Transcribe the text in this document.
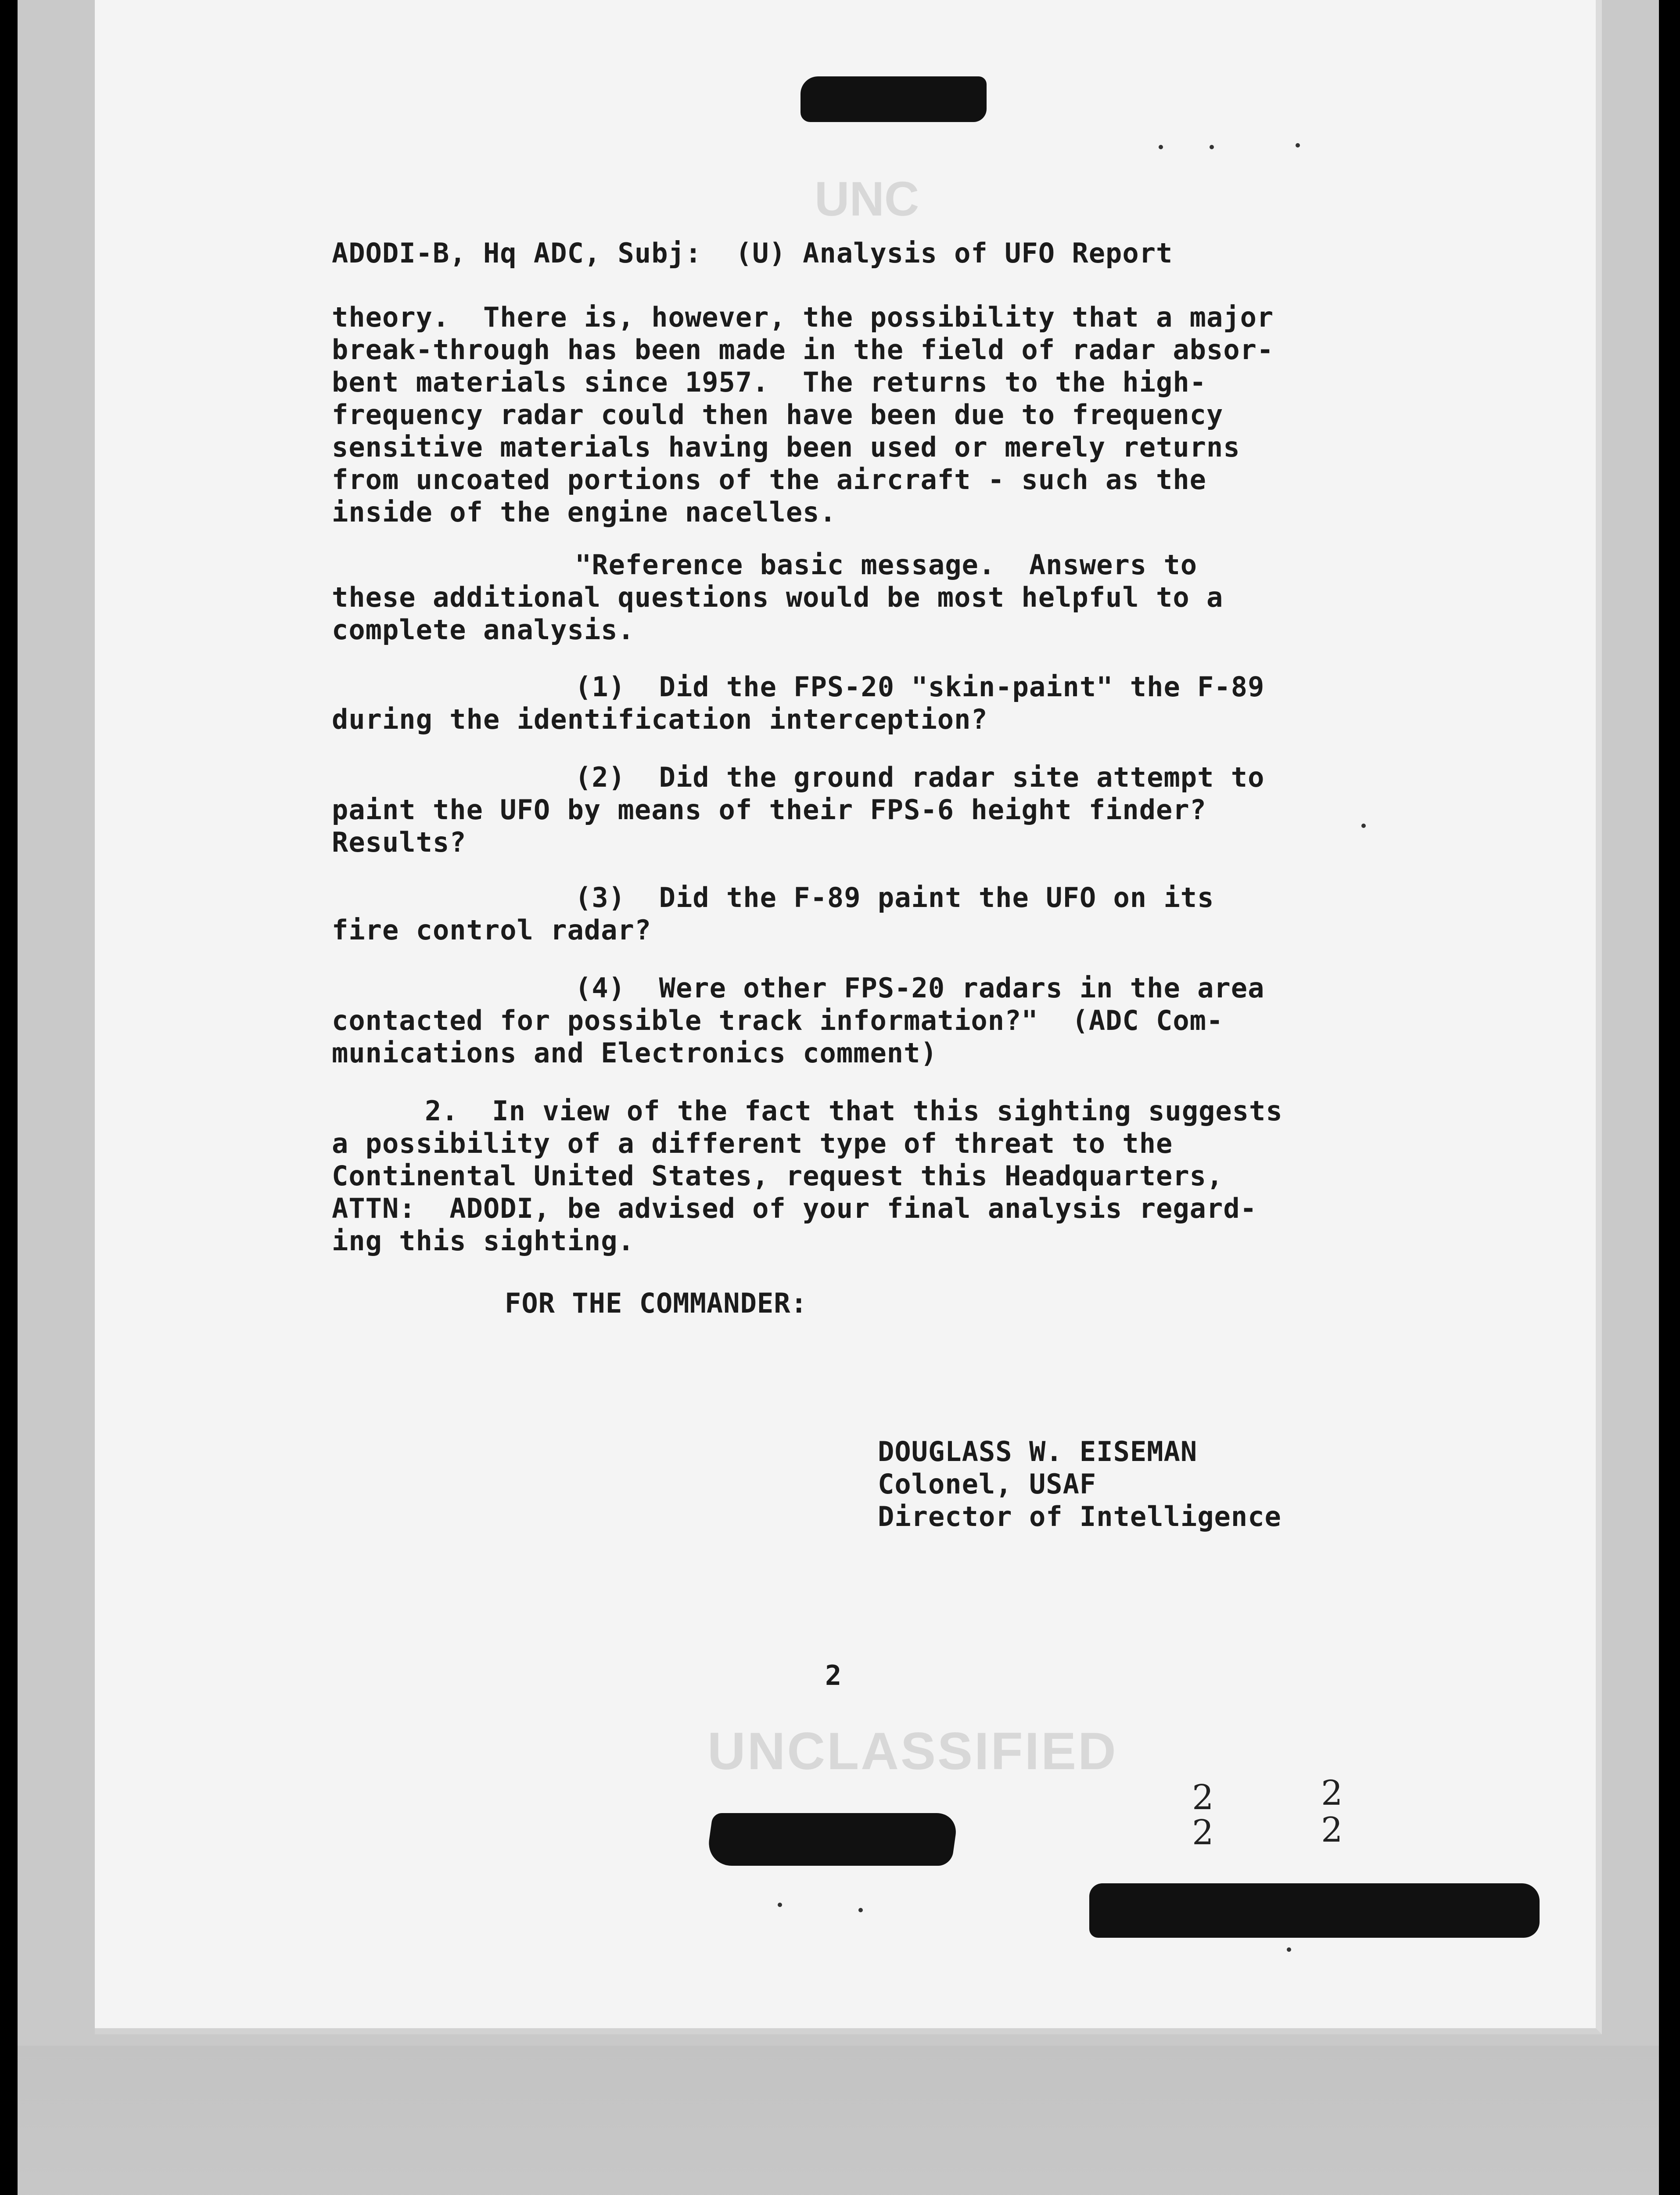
UNC
ADODI-B, Hq ADC, Subj:  (U) Analysis of UFO Report
theory.  There is, however, the possibility that a major
break-through has been made in the field of radar absor-
bent materials since 1957.  The returns to the high-
frequency radar could then have been due to frequency
sensitive materials having been used or merely returns
from uncoated portions of the aircraft - such as the
inside of the engine nacelles.
"Reference basic message.  Answers to
these additional questions would be most helpful to a
complete analysis.
(1)  Did the FPS-20 "skin-paint" the F-89
during the identification interception?
(2)  Did the ground radar site attempt to
paint the UFO by means of their FPS-6 height finder?
Results?
(3)  Did the F-89 paint the UFO on its
fire control radar?
(4)  Were other FPS-20 radars in the area
contacted for possible track information?"  (ADC Com-
munications and Electronics comment)
2.  In view of the fact that this sighting suggests
a possibility of a different type of threat to the
Continental United States, request this Headquarters,
ATTN:  ADODI, be advised of your final analysis regard-
ing this sighting.
FOR THE COMMANDER:
DOUGLASS W. EISEMAN
Colonel, USAF
Director of Intelligence
2
UNCLASSIFIED
2
2
2
2
